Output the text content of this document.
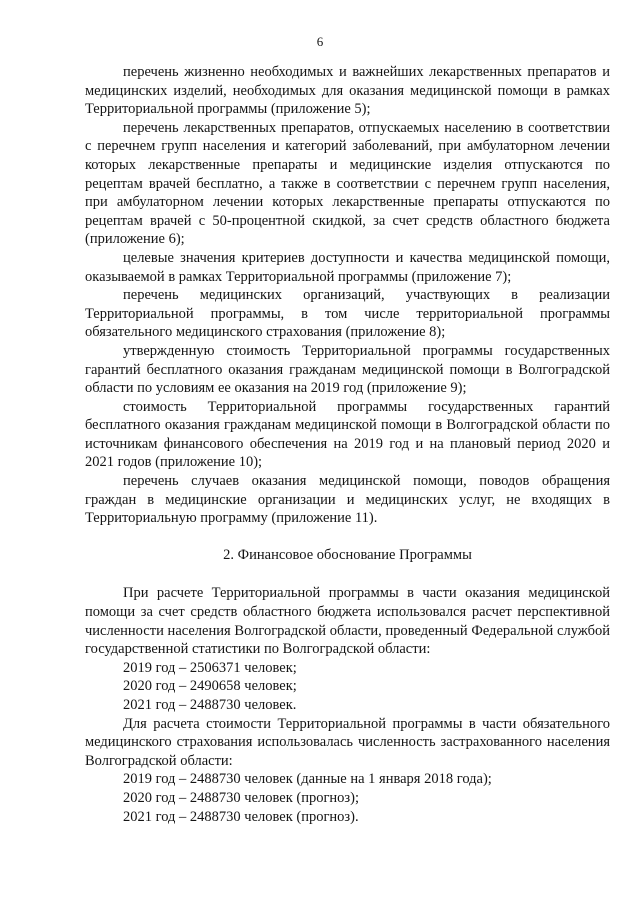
6

перечень жизненно необходимых и важнейших лекарственных препаратов и медицинских изделий, необходимых для оказания медицинской помощи в рамках Территориальной программы (приложение 5);

перечень лекарственных препаратов, отпускаемых населению в соответствии с перечнем групп населения и категорий заболеваний, при амбулаторном лечении которых лекарственные препараты и медицинские изделия отпускаются по рецептам врачей бесплатно, а также в соответствии с перечнем групп населения, при амбулаторном лечении которых лекарственные препараты отпускаются по рецептам врачей с 50-процентной скидкой, за счет средств областного бюджета (приложение 6);

целевые значения критериев доступности и качества медицинской помощи, оказываемой в рамках Территориальной программы (приложение 7);

перечень медицинских организаций, участвующих в реализации Территориальной программы, в том числе территориальной программы обязательного медицинского страхования (приложение 8);

утвержденную стоимость Территориальной программы государственных гарантий бесплатного оказания гражданам медицинской помощи в Волгоградской области по условиям ее оказания на 2019 год (приложение 9);

стоимость Территориальной программы государственных гарантий бесплатного оказания гражданам медицинской помощи в Волгоградской области по источникам финансового обеспечения на 2019 год и на плановый период 2020 и 2021 годов (приложение 10);

перечень случаев оказания медицинской помощи, поводов обращения граждан в медицинские организации и медицинских услуг, не входящих в Территориальную программу (приложение 11).

2. Финансовое обоснование Программы

При расчете Территориальной программы в части оказания медицинской помощи за счет средств областного бюджета использовался расчет перспективной численности населения Волгоградской области, проведенный Федеральной службой государственной статистики по Волгоградской области:

2019 год – 2506371 человек;

2020 год – 2490658 человек;

2021 год – 2488730 человек.

Для расчета стоимости Территориальной программы в части обязательного медицинского страхования использовалась численность застрахованного населения Волгоградской области:

2019 год – 2488730 человек (данные на 1 января 2018 года);

2020 год – 2488730 человек (прогноз);

2021 год – 2488730 человек (прогноз).
